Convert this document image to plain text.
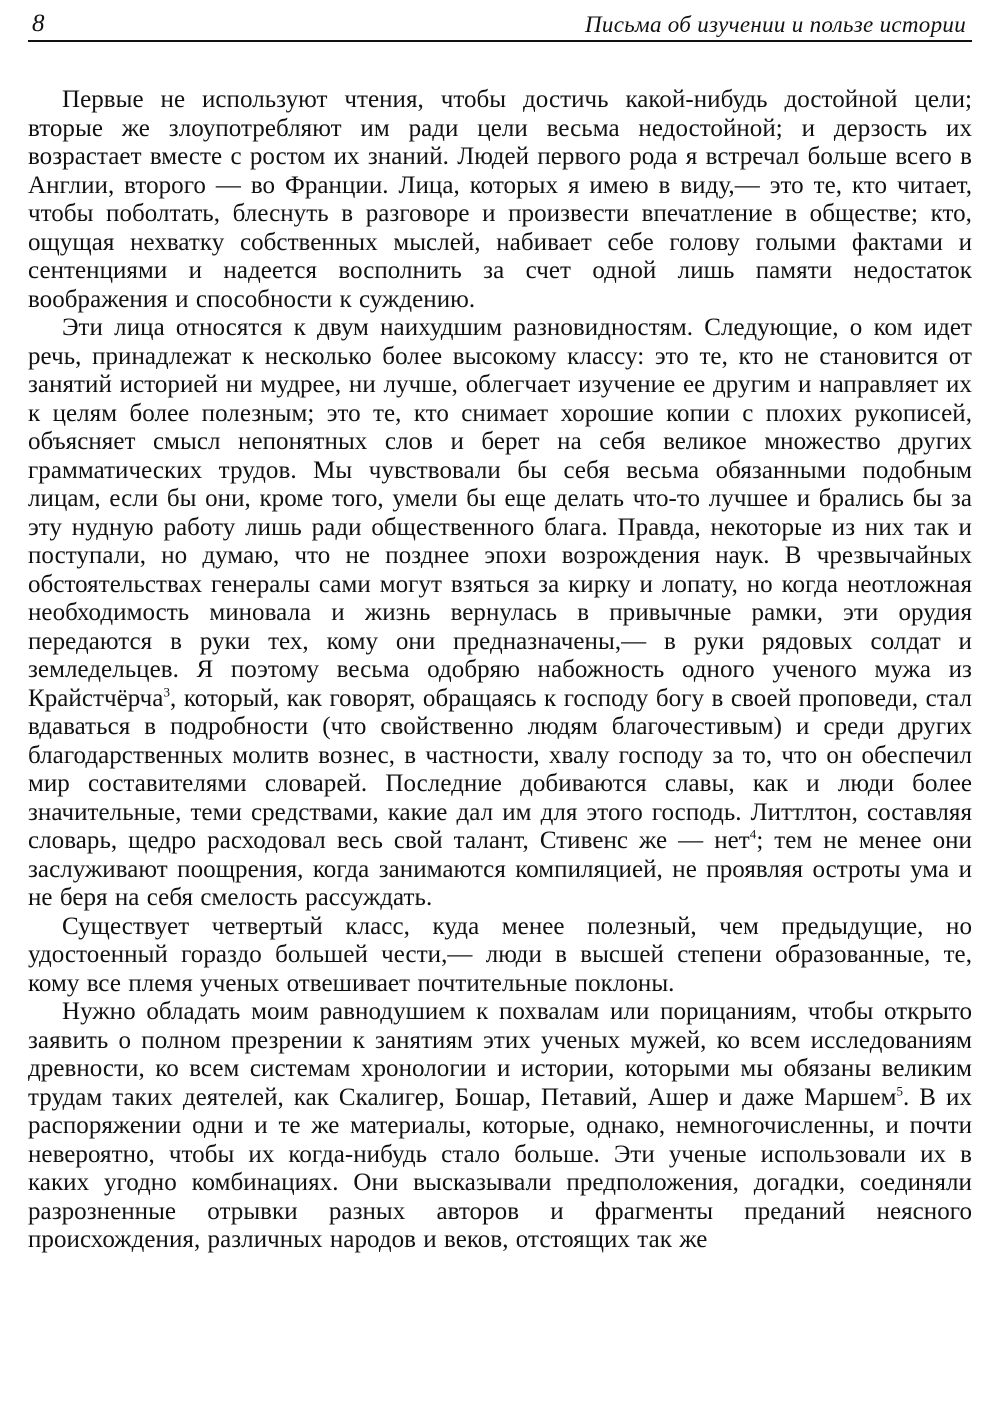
8	Письма об изучении и пользе истории

Первые не используют чтения, чтобы достичь какой-нибудь достойной цели; вторые же злоупотребляют им ради цели весьма недостойной; и дерзость их возрастает вместе с ростом их знаний. Людей первого рода я встречал больше всего в Англии, второго — во Франции. Лица, которых я имею в виду,— это те, кто читает, чтобы поболтать, блеснуть в разговоре и произвести впечатление в обществе; кто, ощущая нехватку собственных мыслей, набивает себе голову голыми фактами и сентенциями и надеется восполнить за счет одной лишь памяти недостаток воображения и способности к суждению.

Эти лица относятся к двум наихудшим разновидностям. Следующие, о ком идет речь, принадлежат к несколько более высокому классу: это те, кто не становится от занятий историей ни мудрее, ни лучше, облегчает изучение ее другим и направляет их к целям более полезным; это те, кто снимает хорошие копии с плохих рукописей, объясняет смысл непонятных слов и берет на себя великое множество других грамматических трудов. Мы чувствовали бы себя весьма обязанными подобным лицам, если бы они, кроме того, умели бы еще делать что-то лучшее и брались бы за эту нудную работу лишь ради общественного блага. Правда, некоторые из них так и поступали, но думаю, что не позднее эпохи возрождения наук. В чрезвычайных обстоятельствах генералы сами могут взяться за кирку и лопату, но когда неотложная необходимость миновала и жизнь вернулась в привычные рамки, эти орудия передаются в руки тех, кому они предназначены,— в руки рядовых солдат и земледельцев. Я поэтому весьма одобряю набожность одного ученого мужа из Крайстчёрча$^3$, который, как говорят, обращаясь к господу богу в своей проповеди, стал вдаваться в подробности (что свойственно людям благочестивым) и среди других благодарственных молитв вознес, в частности, хвалу господу за то, что он обеспечил мир составителями словарей. Последние добиваются славы, как и люди более значительные, теми средствами, какие дал им для этого господь. Литтлтон, составляя словарь, щедро расходовал весь свой талант, Стивенс же — нет$^4$; тем не менее они заслуживают поощрения, когда занимаются компиляцией, не проявляя остроты ума и не беря на себя смелость рассуждать.

Существует четвертый класс, куда менее полезный, чем предыдущие, но удостоенный гораздо большей чести,— люди в высшей степени образованные, те, кому все племя ученых отвешивает почтительные поклоны.

Нужно обладать моим равнодушием к похвалам или порицаниям, чтобы открыто заявить о полном презрении к занятиям этих ученых мужей, ко всем исследованиям древности, ко всем системам хронологии и истории, которыми мы обязаны великим трудам таких деятелей, как Скалигер, Бошар, Петавий, Ашер и даже Маршем$^5$. В их распоряжении одни и те же материалы, которые, однако, немногочисленны, и почти невероятно, чтобы их когда-нибудь стало больше. Эти ученые использовали их в каких угодно комбинациях. Они высказывали предположения, догадки, соединяли разрозненные отрывки разных авторов и фрагменты преданий неясного происхождения, различных народов и веков, отстоящих так же
